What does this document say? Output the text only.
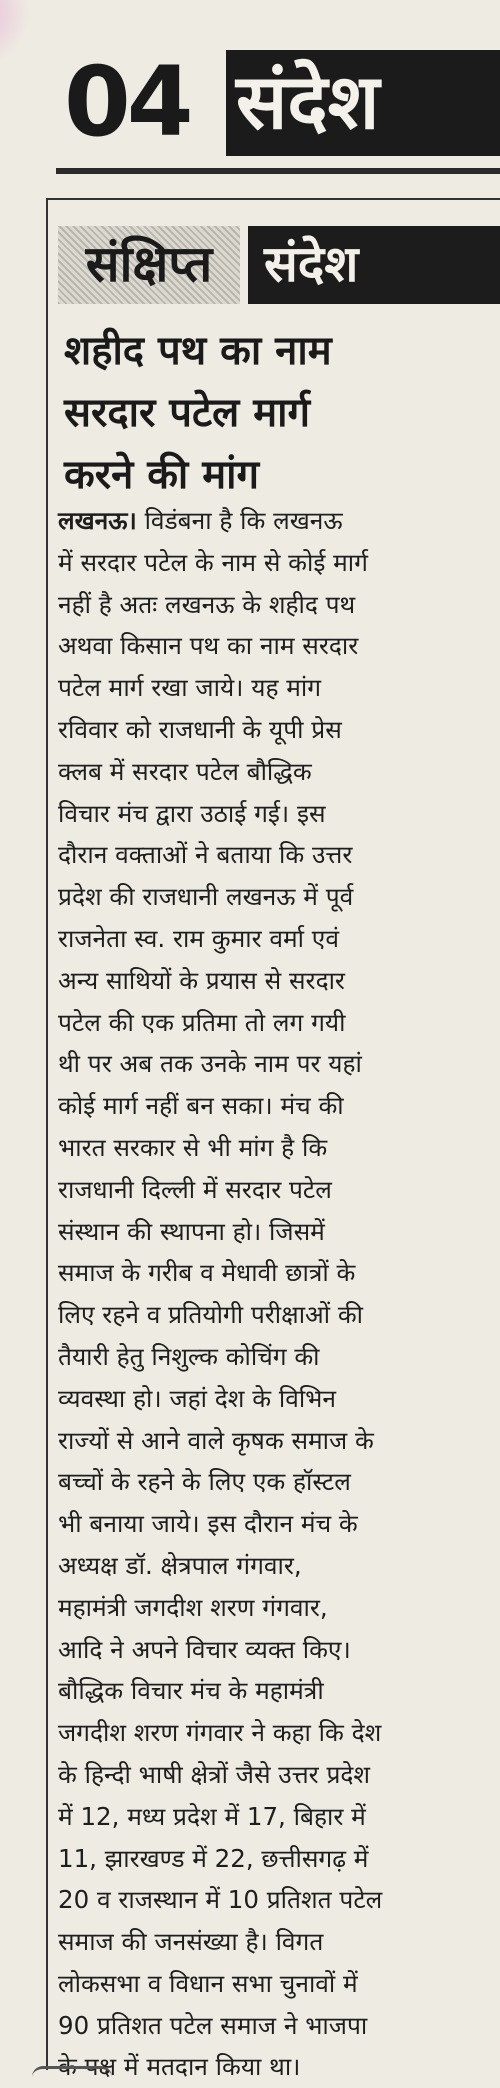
04 संदेश
संक्षिप्त	संदेश
शहीद पथ का नाम
सरदार पटेल मार्ग
करने की मांग
लखनऊ। विडंबना है कि लखनऊ
में सरदार पटेल के नाम से कोई मार्ग
नहीं है अतः लखनऊ के शहीद पथ
अथवा किसान पथ का नाम सरदार
पटेल मार्ग रखा जाये। यह मांग
रविवार को राजधानी के यूपी प्रेस
क्लब में सरदार पटेल बौद्धिक
विचार मंच द्वारा उठाई गई। इस
दौरान वक्ताओं ने बताया कि उत्तर
प्रदेश की राजधानी लखनऊ में पूर्व
राजनेता स्व. राम कुमार वर्मा एवं
अन्य साथियों के प्रयास से सरदार
पटेल की एक प्रतिमा तो लग गयी
थी पर अब तक उनके नाम पर यहां
कोई मार्ग नहीं बन सका। मंच की
भारत सरकार से भी मांग है कि
राजधानी दिल्ली में सरदार पटेल
संस्थान की स्थापना हो। जिसमें
समाज के गरीब व मेधावी छात्रों के
लिए रहने व प्रतियोगी परीक्षाओं की
तैयारी हेतु निशुल्क कोचिंग की
व्यवस्था हो। जहां देश के विभिन
राज्यों से आने वाले कृषक समाज के
बच्चों के रहने के लिए एक हॉस्टल
भी बनाया जाये। इस दौरान मंच के
अध्यक्ष डॉ. क्षेत्रपाल गंगवार,
महामंत्री जगदीश शरण गंगवार,
आदि ने अपने विचार व्यक्त किए।
बौद्धिक विचार मंच के महामंत्री
जगदीश शरण गंगवार ने कहा कि देश
के हिन्दी भाषी क्षेत्रों जैसे उत्तर प्रदेश
में 12, मध्य प्रदेश में 17, बिहार में
11, झारखण्ड में 22, छत्तीसगढ़ में
20 व राजस्थान में 10 प्रतिशत पटेल
समाज की जनसंख्या है। विगत
लोकसभा व विधान सभा चुनावों में
90 प्रतिशत पटेल समाज ने भाजपा
के पक्ष में मतदान किया था।
